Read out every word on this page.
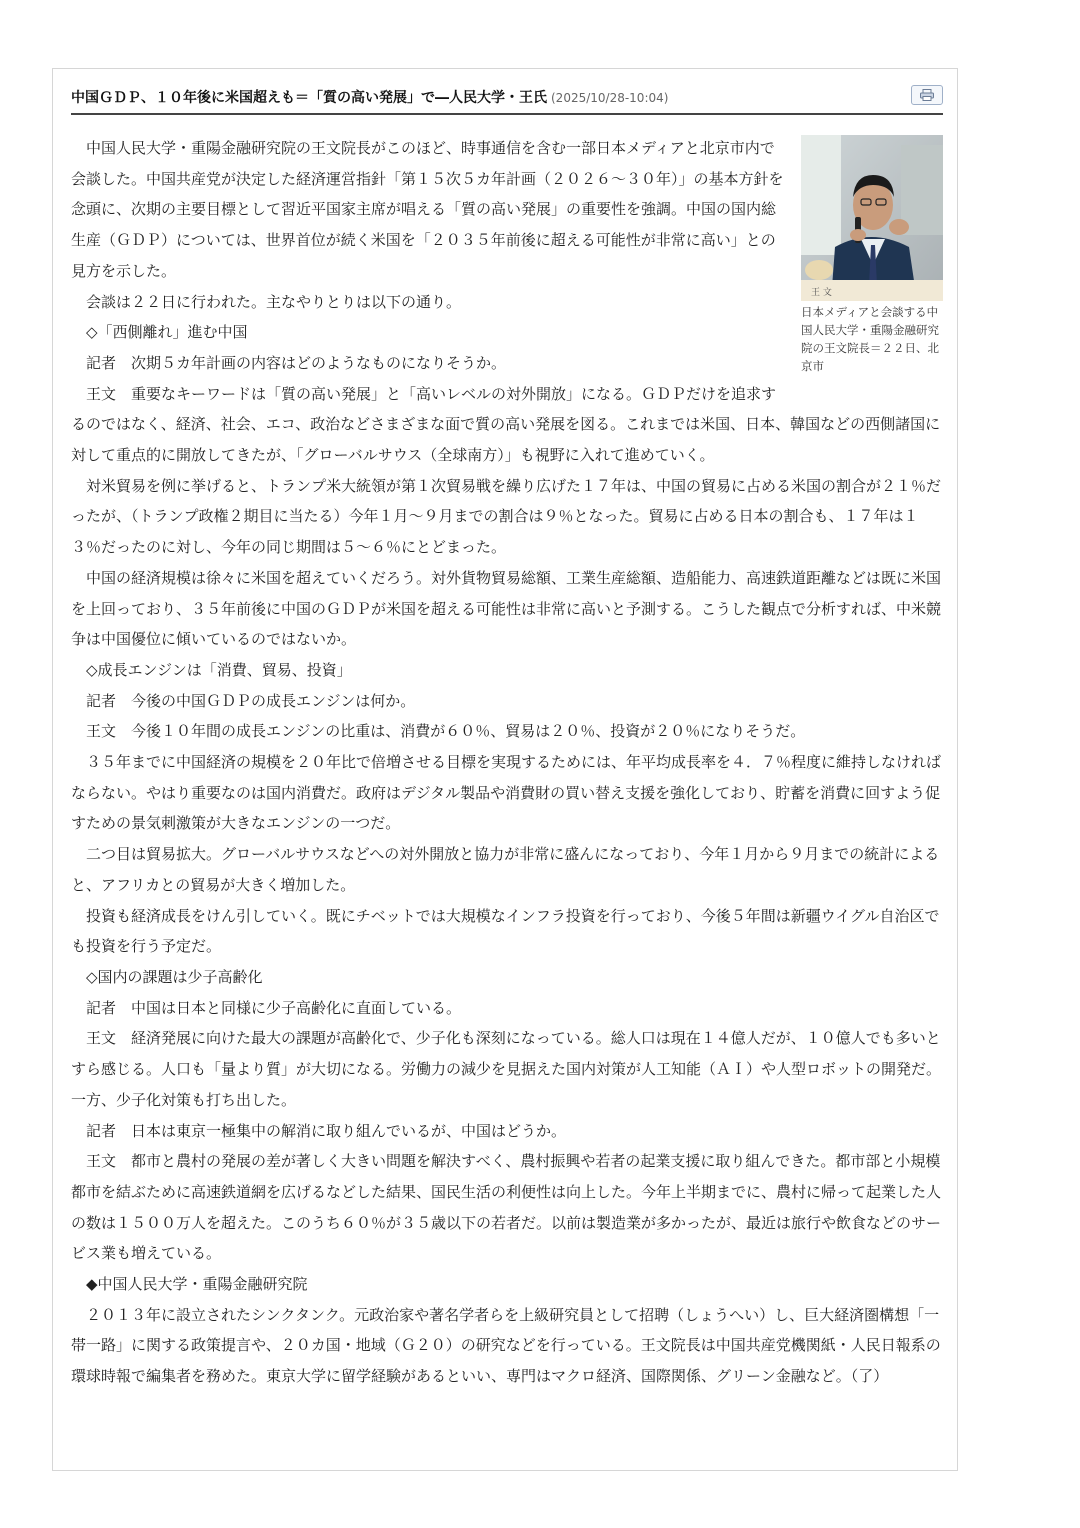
中国ＧＤＰ、１０年後に米国超えも＝「質の高い発展」で―人民大学・王氏 (2025/10/28-10:04)
王 文
日本メディアと会談する中国人民大学・重陽金融研究院の王文院長＝２２日、北京市

中国人民大学・重陽金融研究院の王文院長がこのほど、時事通信を含む一部日本メディアと北京市内で会談した。中国共産党が決定した経済運営指針「第１５次５カ年計画（２０２６～３０年）」の基本方針を念頭に、次期の主要目標として習近平国家主席が唱える「質の高い発展」の重要性を強調。中国の国内総生産（ＧＤＰ）については、世界首位が続く米国を「２０３５年前後に超える可能性が非常に高い」との見方を示した。

会談は２２日に行われた。主なやりとりは以下の通り。

◇「西側離れ」進む中国

記者　次期５カ年計画の内容はどのようなものになりそうか。

王文　重要なキーワードは「質の高い発展」と「高いレベルの対外開放」になる。ＧＤＰだけを追求するのではなく、経済、社会、エコ、政治などさまざまな面で質の高い発展を図る。これまでは米国、日本、韓国などの西側諸国に対して重点的に開放してきたが、「グローバルサウス（全球南方）」も視野に入れて進めていく。

対米貿易を例に挙げると、トランプ米大統領が第１次貿易戦を繰り広げた１７年は、中国の貿易に占める米国の割合が２１％だったが、（トランプ政権２期目に当たる）今年１月～９月までの割合は９％となった。貿易に占める日本の割合も、１７年は１３％だったのに対し、今年の同じ期間は５～６％にとどまった。

中国の経済規模は徐々に米国を超えていくだろう。対外貨物貿易総額、工業生産総額、造船能力、高速鉄道距離などは既に米国を上回っており、３５年前後に中国のＧＤＰが米国を超える可能性は非常に高いと予測する。こうした観点で分析すれば、中米競争は中国優位に傾いているのではないか。

◇成長エンジンは「消費、貿易、投資」

記者　今後の中国ＧＤＰの成長エンジンは何か。

王文　今後１０年間の成長エンジンの比重は、消費が６０％、貿易は２０％、投資が２０％になりそうだ。

３５年までに中国経済の規模を２０年比で倍増させる目標を実現するためには、年平均成長率を４．７％程度に維持しなければならない。やはり重要なのは国内消費だ。政府はデジタル製品や消費財の買い替え支援を強化しており、貯蓄を消費に回すよう促すための景気刺激策が大きなエンジンの一つだ。

二つ目は貿易拡大。グローバルサウスなどへの対外開放と協力が非常に盛んになっており、今年１月から９月までの統計によると、アフリカとの貿易が大きく増加した。

投資も経済成長をけん引していく。既にチベットでは大規模なインフラ投資を行っており、今後５年間は新疆ウイグル自治区でも投資を行う予定だ。

◇国内の課題は少子高齢化

記者　中国は日本と同様に少子高齢化に直面している。

王文　経済発展に向けた最大の課題が高齢化で、少子化も深刻になっている。総人口は現在１４億人だが、１０億人でも多いとすら感じる。人口も「量より質」が大切になる。労働力の減少を見据えた国内対策が人工知能（ＡＩ）や人型ロボットの開発だ。一方、少子化対策も打ち出した。

記者　日本は東京一極集中の解消に取り組んでいるが、中国はどうか。

王文　都市と農村の発展の差が著しく大きい問題を解決すべく、農村振興や若者の起業支援に取り組んできた。都市部と小規模都市を結ぶために高速鉄道網を広げるなどした結果、国民生活の利便性は向上した。今年上半期までに、農村に帰って起業した人の数は１５００万人を超えた。このうち６０％が３５歳以下の若者だ。以前は製造業が多かったが、最近は旅行や飲食などのサービス業も増えている。

◆中国人民大学・重陽金融研究院

２０１３年に設立されたシンクタンク。元政治家や著名学者らを上級研究員として招聘（しょうへい）し、巨大経済圏構想「一帯一路」に関する政策提言や、２０カ国・地域（Ｇ２０）の研究などを行っている。王文院長は中国共産党機関紙・人民日報系の環球時報で編集者を務めた。東京大学に留学経験があるといい、専門はマクロ経済、国際関係、グリーン金融など。（了）
